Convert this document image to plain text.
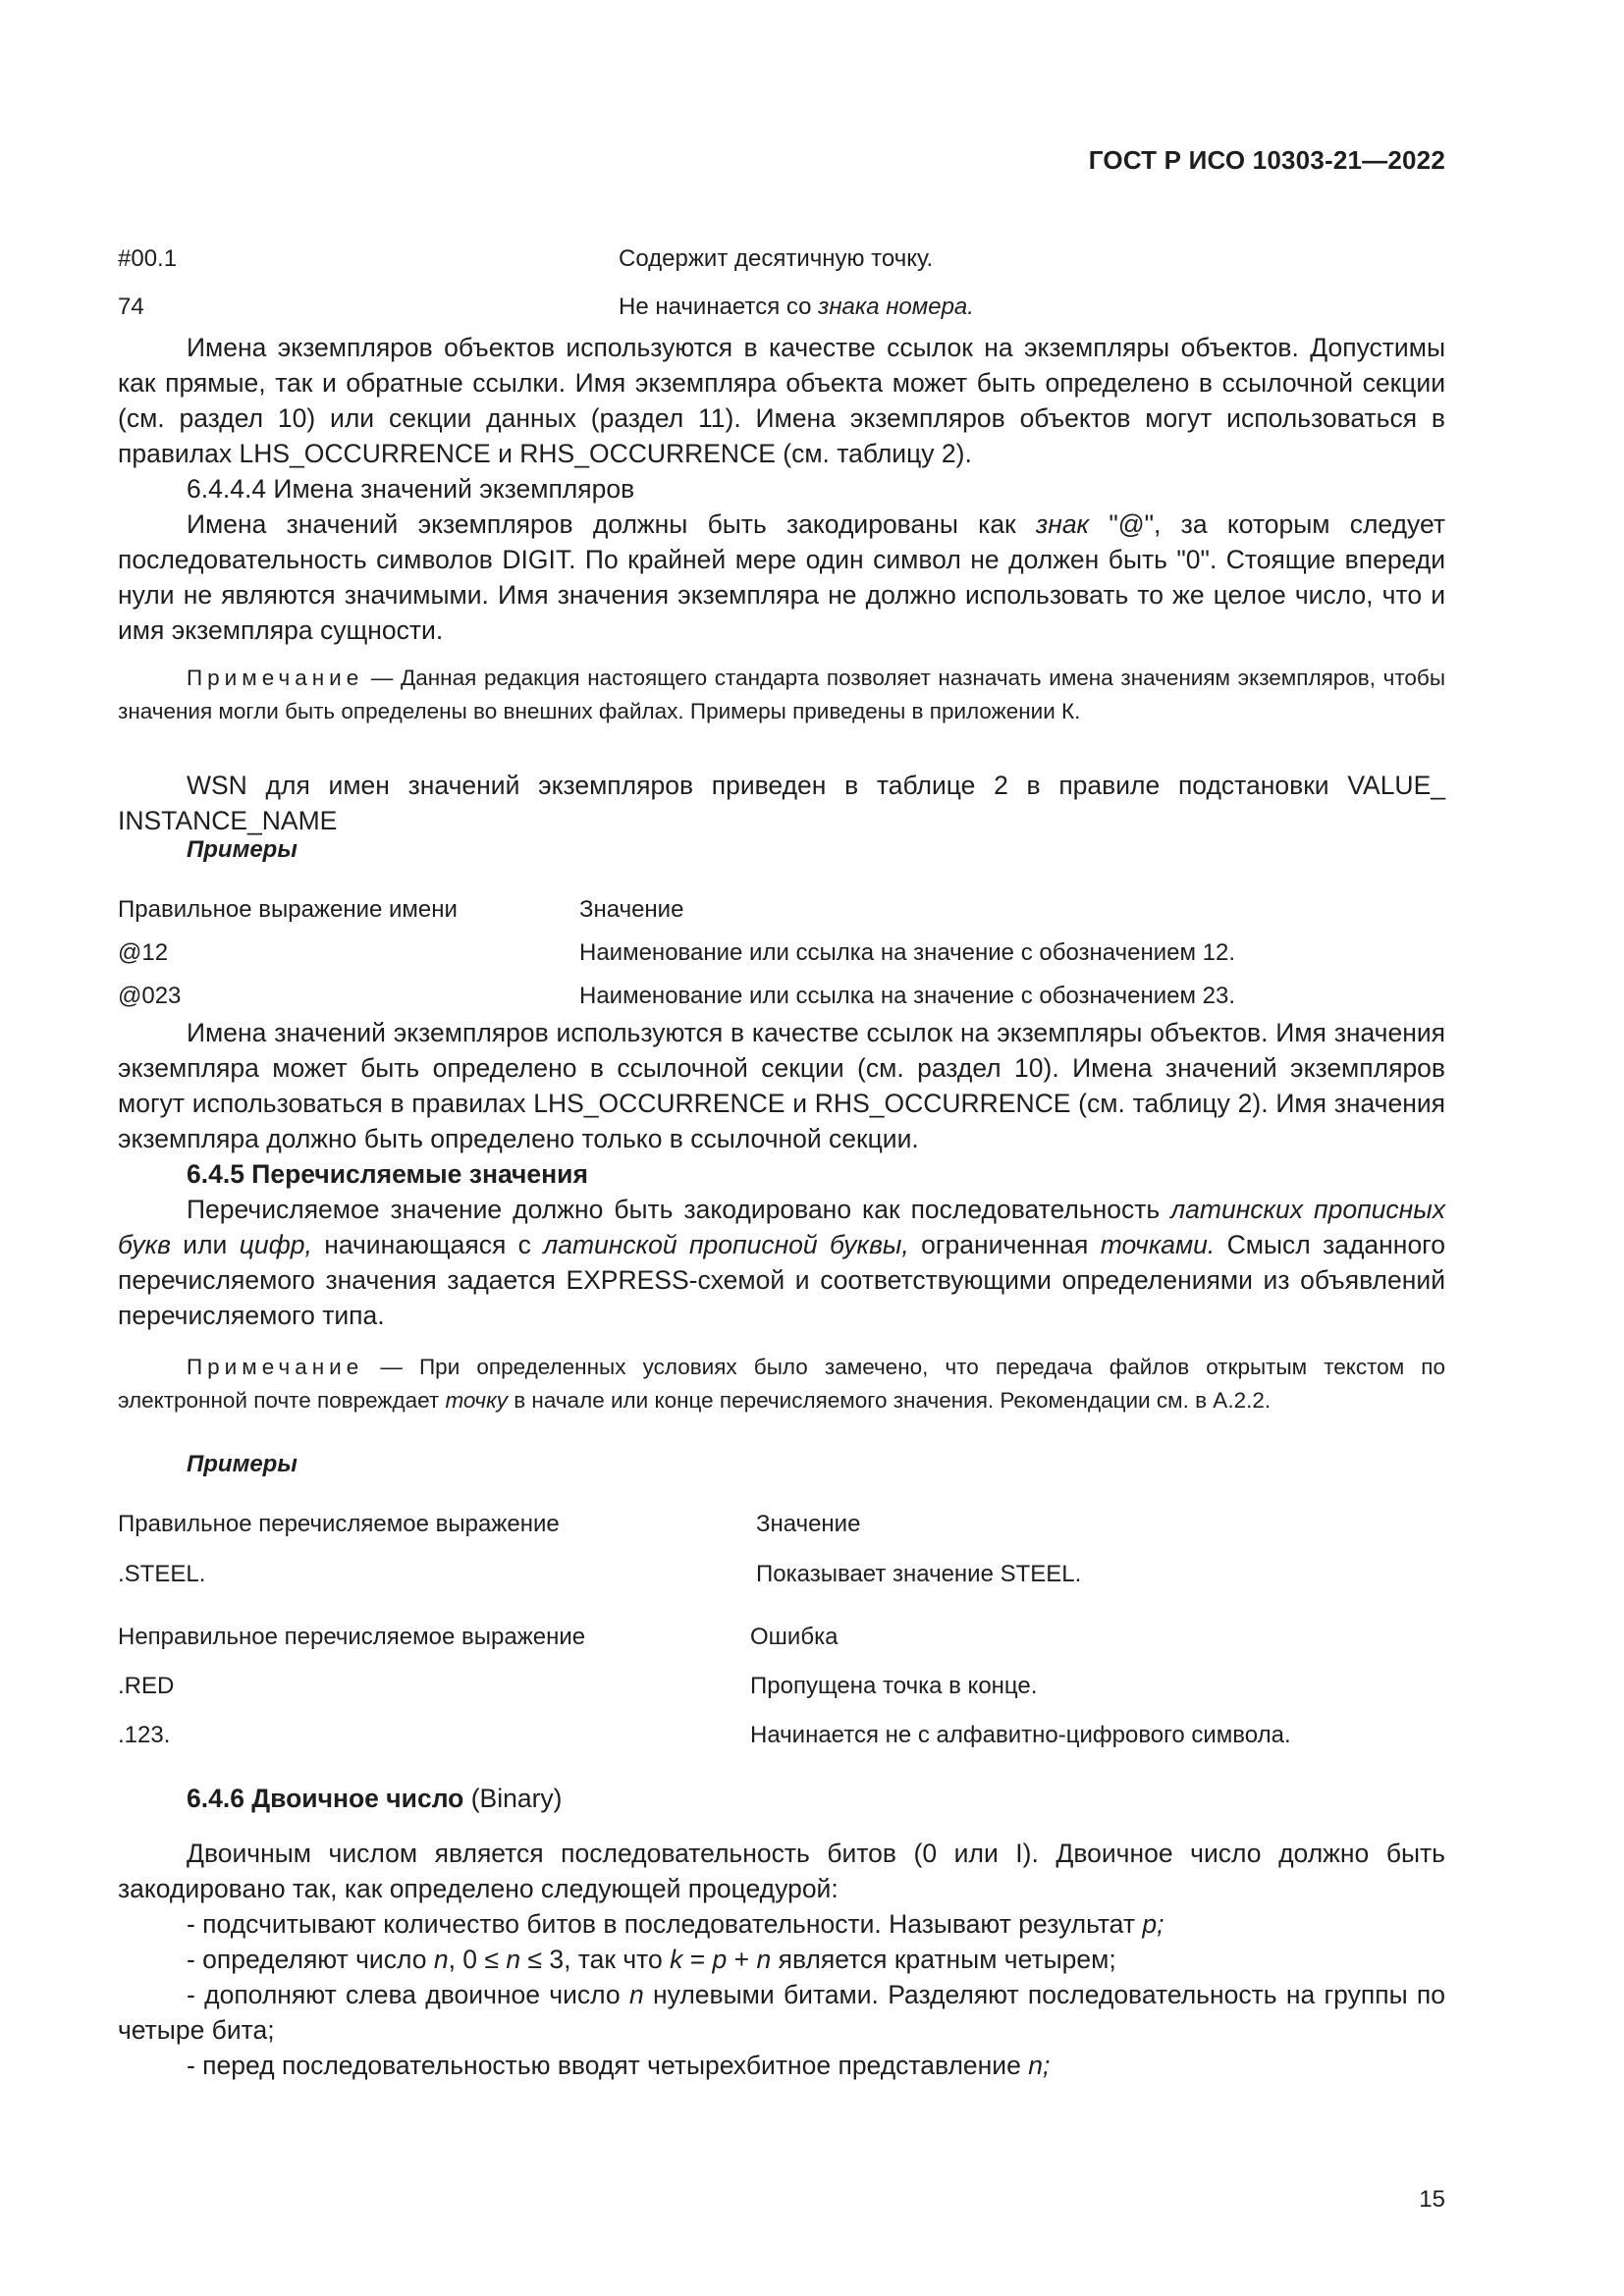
ГОСТ Р ИСО 10303-21—2022
#00.1	Содержит десятичную точку.
74	Не начинается со знака номера.

Имена экземпляров объектов используются в качестве ссылок на экземпляры объектов. Допустимы как прямые, так и обратные ссылки. Имя экземпляра объекта может быть определено в ссылочной секции (см. раздел 10) или секции данных (раздел 11). Имена экземпляров объектов могут использоваться в правилах LHS_OCCURRENCE и RHS_OCCURRENCE (см. таблицу 2).

6.4.4.4 Имена значений экземпляров

Имена значений экземпляров должны быть закодированы как знак "@", за которым следует последовательность символов DIGIT. По крайней мере один символ не должен быть "0". Стоящие впереди нули не являются значимыми. Имя значения экземпляра не должно использовать то же целое число, что и имя экземпляра сущности.

Примечание — Данная редакция настоящего стандарта позволяет назначать имена значениям экземпляров, чтобы значения могли быть определены во внешних файлах. Примеры приведены в приложении К.

WSN для имен значений экземпляров приведен в таблице 2 в правиле подстановки VALUE_ INSTANCE_NAME

Примеры
Правильное выражение имени	Значение
@12	Наименование или ссылка на значение с обозначением 12.
@023	Наименование или ссылка на значение с обозначением 23.

Имена значений экземпляров используются в качестве ссылок на экземпляры объектов. Имя значения экземпляра может быть определено в ссылочной секции (см. раздел 10). Имена значений экземпляров могут использоваться в правилах LHS_OCCURRENCE и RHS_OCCURRENCE (см. таблицу 2). Имя значения экземпляра должно быть определено только в ссылочной секции.

6.4.5 Перечисляемые значения

Перечисляемое значение должно быть закодировано как последовательность латинских прописных букв или цифр, начинающаяся с латинской прописной буквы, ограниченная точками. Смысл заданного перечисляемого значения задается EXPRESS-схемой и соответствующими определениями из объявлений перечисляемого типа.

Примечание — При определенных условиях было замечено, что передача файлов открытым текстом по электронной почте повреждает точку в начале или конце перечисляемого значения. Рекомендации см. в А.2.2.

Примеры
Правильное перечисляемое выражение	Значение
.STEEL.	Показывает значение STEEL.
Неправильное перечисляемое выражение	Ошибка
.RED	Пропущена точка в конце.
.123.	Начинается не с алфавитно-цифрового символа.

6.4.6 Двоичное число (Binary)

Двоичным числом является последовательность битов (0 или I). Двоичное число должно быть закодировано так, как определено следующей процедурой:

- подсчитывают количество битов в последовательности. Называют результат p;

- определяют число n, 0 ≤ n ≤ 3, так что k = p + n является кратным четырем;

- дополняют слева двоичное число n нулевыми битами. Разделяют последовательность на группы по четыре бита;

- перед последовательностью вводят четырехбитное представление n;

15
